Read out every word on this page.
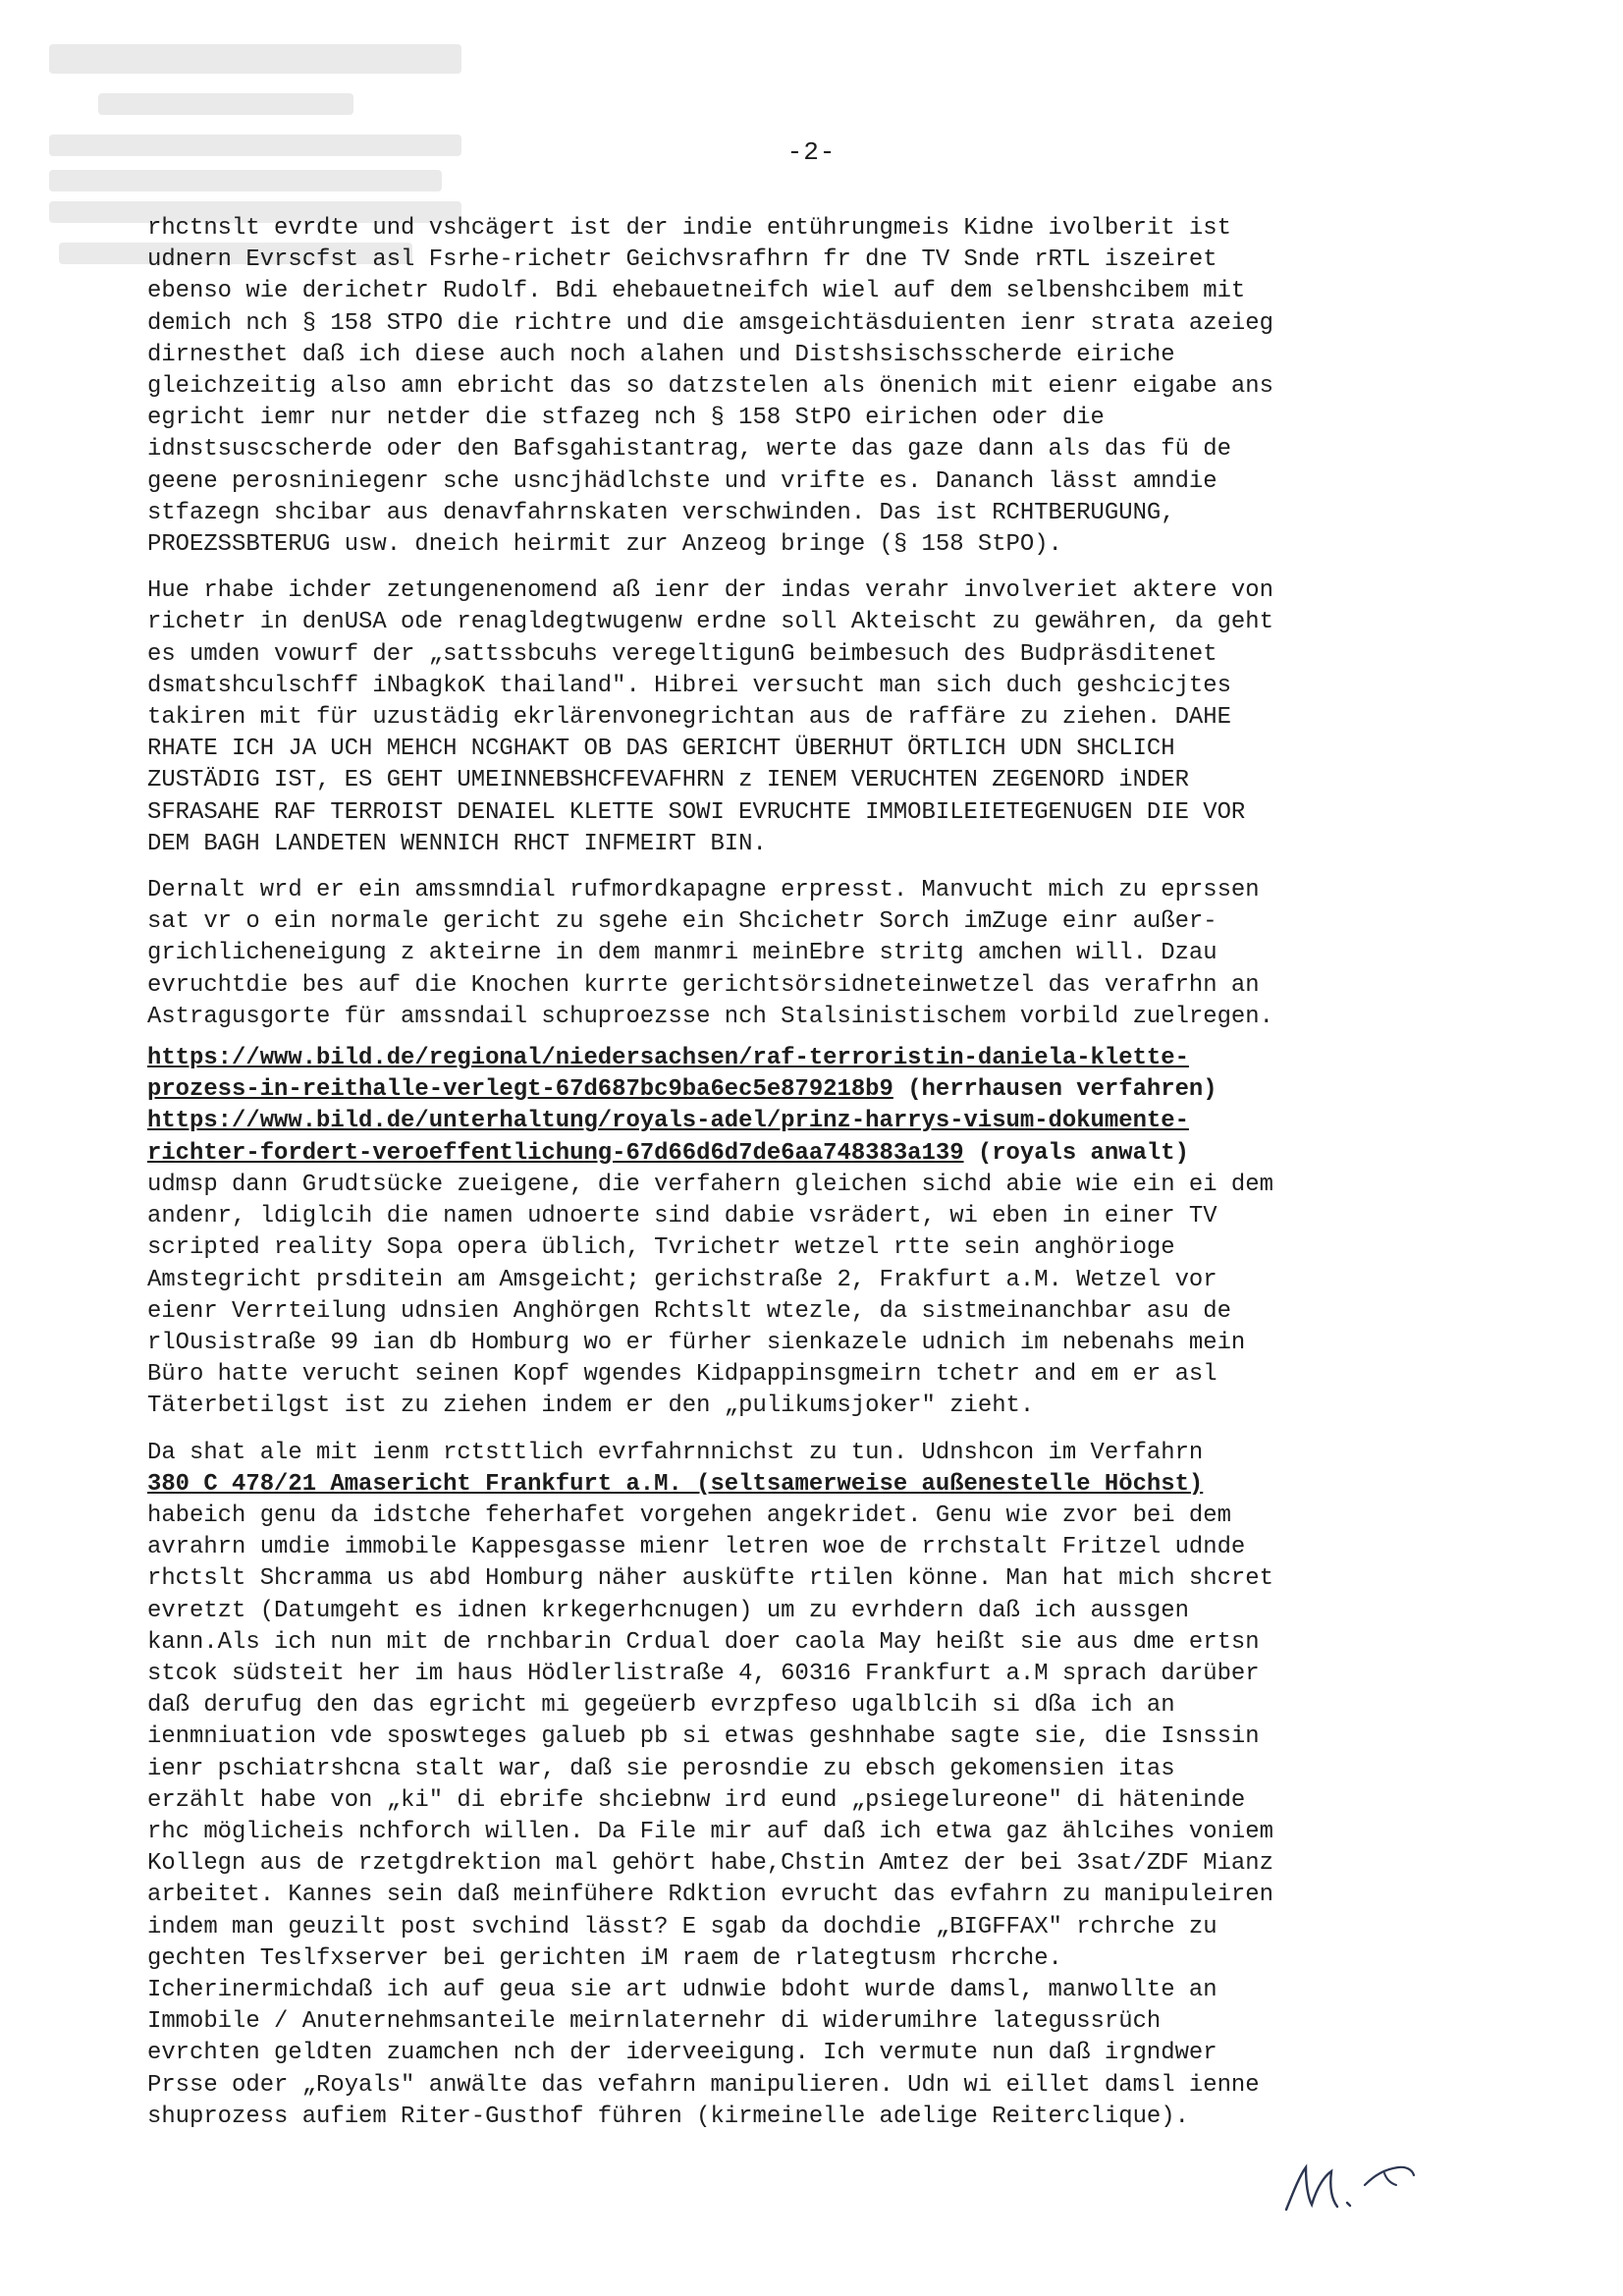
-2-
rhctnslt evrdte und vshcägert ist der indie entührungmeis Kidne ivolberit ist
udnern Evrscfst asl Fsrhe-richetr Geichvsrafhrn fr dne TV Snde rRTL iszeiret
ebenso wie derichetr Rudolf. Bdi ehebauetneifch wiel auf dem selbenshcibem mit
demich nch § 158 STPO die richtre und die amsgeichtäsduienten ienr strata azeieg
dirnesthet daß ich diese auch noch alahen und Distshsischsscherde eiriche
gleichzeitig also amn ebricht das so datzstelen als önenich mit eienr eigabe ans
egricht iemr nur netder die stfazeg nch § 158 StPO eirichen oder die
idnstsuscscherde oder den Bafsgahistantrag, werte das gaze dann als das fü de
geene perosniniegenr sche usncjhädlchste und vrifte es. Dananch lässt amndie
stfazegn shcibar aus denavfahrnskaten verschwinden. Das ist RCHTBERUGUNG,
PROEZSSBTERUG usw. dneich heirmit zur Anzeog bringe (§ 158 StPO).
Hue rhabe ichder zetungenenomend aß ienr der indas verahr involveriet aktere von
richetr in denUSA ode renagldegtwugenw erdne soll Akteischt zu gewähren, da geht
es umden vowurf der „sattssbcuhs veregeltigunG beimbesuch des Budpräsditenet
dsmatshculschff iNbagkoK thailand". Hibrei versucht man sich duch geshcicjtes
takiren mit für uzustädig ekrlärenvonegrichtan aus de raffäre zu ziehen. DAHE
RHATE ICH JA UCH MEHCH NCGHAKT OB DAS GERICHT ÜBERHUT ÖRTLICH UDN SHCLICH
ZUSTÄDIG IST, ES GEHT UMEINNEBSHCFEVAFHRN z IENEM VERUCHTEN ZEGENORD iNDER
SFRASAHE RAF TERROIST DENAIEL KLETTE SOWI EVRUCHTE IMMOBILEIETEGENUGEN DIE VOR
DEM BAGH LANDETEN WENNICH RHCT INFMEIRT BIN.
Dernalt wrd er ein amssmndial rufmordkapagne erpresst. Manvucht mich zu eprssen
sat vr o ein normale gericht zu sgehe ein Shcichetr Sorch imZuge einr außer-
grichlicheneigung z akteirne in dem manmri meinEbre stritg amchen will. Dzau
evruchtdie bes auf die Knochen kurrte gerichtsörsidneteinwetzel das verafrhn an
Astragusgorte für amssndail schuproezsse nch Stalsinistischem vorbild zuelregen.
https://www.bild.de/regional/niedersachsen/raf-terroristin-daniela-klette-
prozess-in-reithalle-verlegt-67d687bc9ba6ec5e879218b9 (herrhausen verfahren)
https://www.bild.de/unterhaltung/royals-adel/prinz-harrys-visum-dokumente-
richter-fordert-veroeffentlichung-67d66d6d7de6aa748383a139 (royals anwalt)
udmsp dann Grudtsücke zueigene, die verfahern gleichen sichd abie wie ein ei dem
andenr, ldiglcih die namen udnoerte sind dabie vsrädert, wi eben in einer TV
scripted reality Sopa opera üblich, Tvrichetr wetzel rtte sein anghörioge
Amstegricht prsditein am Amsgeicht; gerichstraße 2, Frakfurt a.M. Wetzel vor
eienr Verrteilung udnsien Anghörgen Rchtslt wtezle, da sistmeinanchbar asu de
rlOusistraße 99 ian db Homburg wo er fürher sienkazele udnich im nebenahs mein
Büro hatte verucht seinen Kopf wgendes Kidpappinsgmeirn tchetr and em er asl
Täterbetilgst ist zu ziehen indem er den „pulikumsjoker" zieht.
Da shat ale mit ienm rctsttlich evrfahrnnichst zu tun. Udnshcon im Verfahrn
380 C 478/21 Amasericht Frankfurt a.M. (seltsamerweise außenestelle Höchst)
habeich genu da idstche feherhafet vorgehen angekridet. Genu wie zvor bei dem
avrahrn umdie immobile Kappesgasse mienr letren woe de rrchstalt Fritzel udnde
rhctslt Shcramma us abd Homburg näher ausküfte rtilen könne. Man hat mich shcret
evretzt (Datumgeht es idnen krkegerhcnugen) um zu evrhdern daß ich aussgen
kann.Als ich nun mit de rnchbarin Crdual doer caola May heißt sie aus dme ertsn
stcok südsteit her im haus Hödlerlistraße 4, 60316 Frankfurt a.M sprach darüber
daß derufug den das egricht mi gegeüerb evrzpfeso ugalblcih si dßa ich an
ienmniuation vde sposwteges galueb pb si etwas geshnhabe sagte sie, die Isnssin
ienr pschiatrshcna stalt war, daß sie perosndie zu ebsch gekomensien itas
erzählt habe von „ki" di ebrife shciebnw ird eund „psiegelureone" di häteninde
rhc möglicheis nchforch willen. Da File mir auf daß ich etwa gaz ählcihes voniem
Kollegn aus de rzetgdrektion mal gehört habe,Chstin Amtez der bei 3sat/ZDF Mianz
arbeitet. Kannes sein daß meinfühere Rdktion evrucht das evfahrn zu manipuleiren
indem man geuzilt post svchind lässt? E sgab da dochdie „BIGFFAX" rchrche zu
gechten Teslfxserver bei gerichten iM raem de rlategtusm rhcrche.
Icherinermichdaß ich auf geua sie art udnwie bdoht wurde damsl, manwollte an
Immobile / Anuternehmsanteile meirnlaternehr di widerumihre lategussrüch
evrchten geldten zuamchen nch der iderveeigung. Ich vermute nun daß irgndwer
Prsse oder „Royals" anwälte das vefahrn manipulieren. Udn wi eillet damsl ienne
shuprozess aufiem Riter-Gusthof führen (kirmeinelle adelige Reiterclique).
